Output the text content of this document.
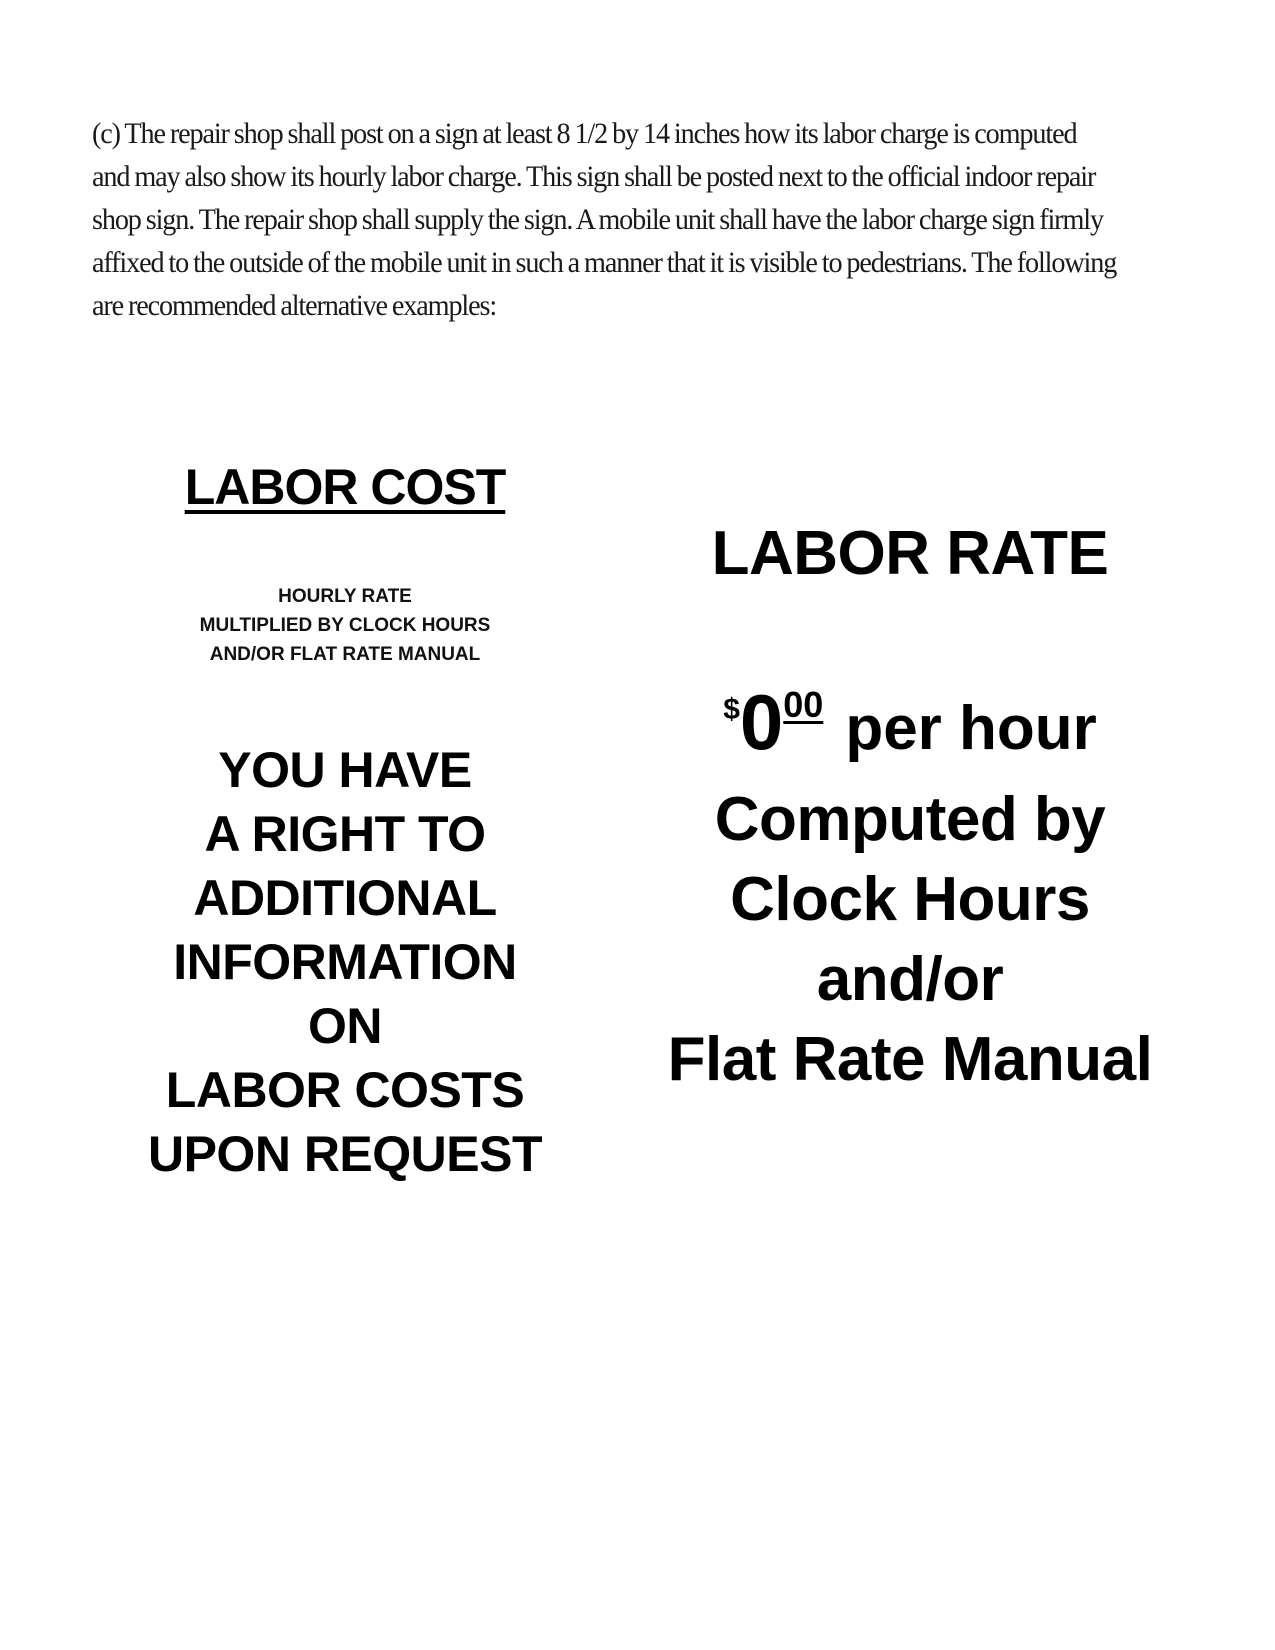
(c) The repair shop shall post on a sign at least 8 1/2 by 14 inches how its labor charge is computed and may also show its hourly labor charge. This sign shall be posted next to the official indoor repair shop sign. The repair shop shall supply the sign. A mobile unit shall have the labor charge sign firmly affixed to the outside of the mobile unit in such a manner that it is visible to pedestrians. The following are recommended alternative examples:
LABOR COST
HOURLY RATE
MULTIPLIED BY CLOCK HOURS
AND/OR FLAT RATE MANUAL
YOU HAVE
A RIGHT TO
ADDITIONAL
INFORMATION ON
LABOR COSTS
UPON REQUEST
LABOR RATE
$^{\$}0^{00}$ per hour
Computed by
Clock Hours
and/or
Flat Rate Manual
